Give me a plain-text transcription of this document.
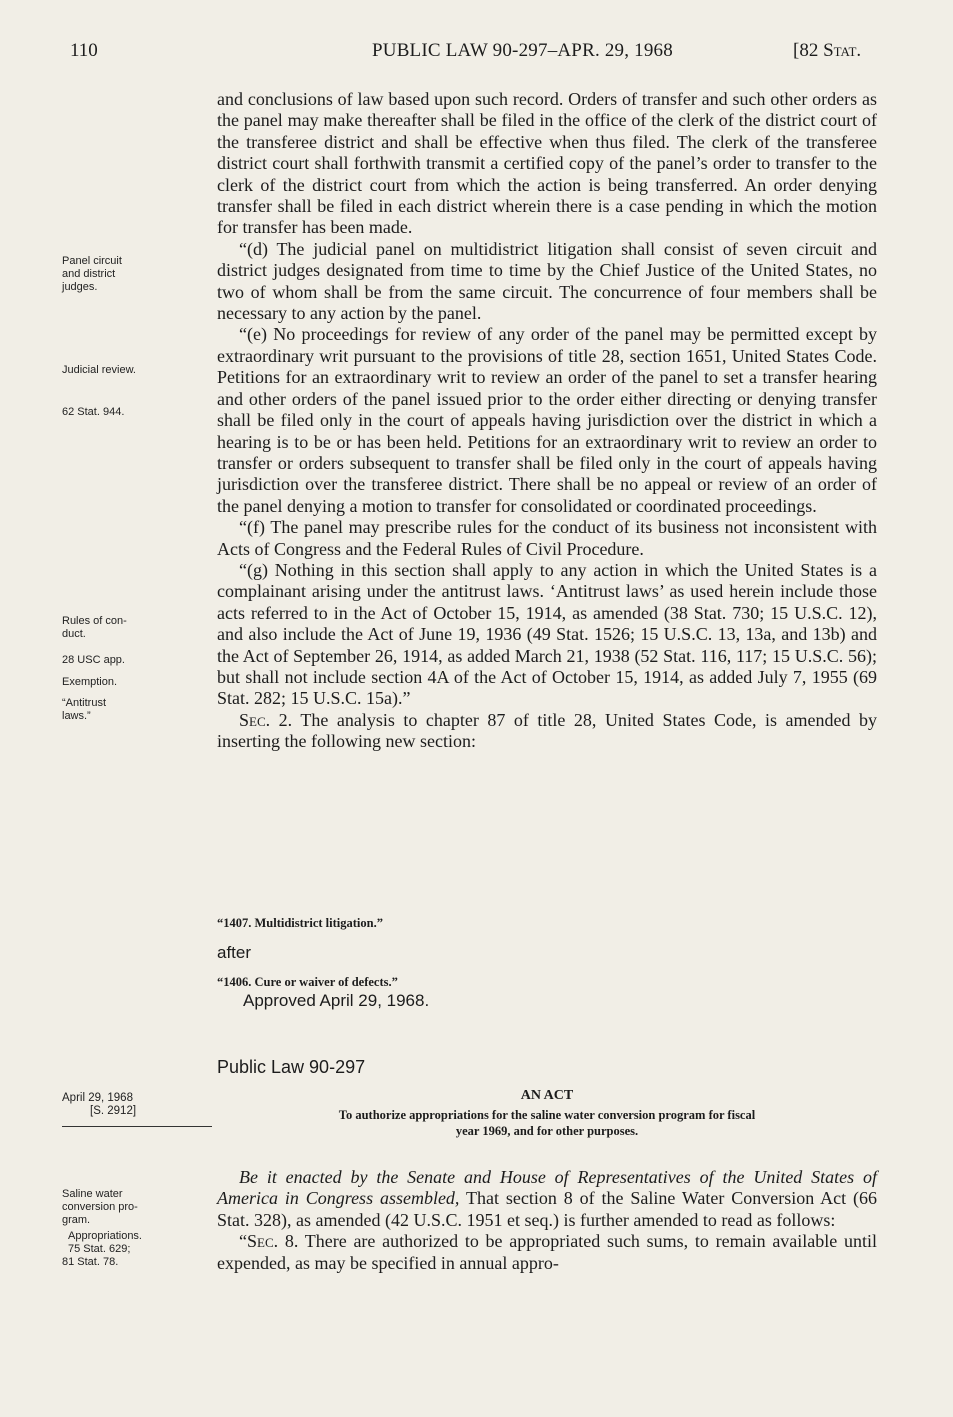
110	PUBLIC LAW 90-297–APR. 29, 1968	[82 Stat.
Panel circuit
and district
judges.
Judicial review.
62 Stat. 944.
Rules of con-
duct.
28 USC app.
Exemption.
“Antitrust
laws.”
April 29, 1968
[S. 2912]
Saline water
conversion pro-
gram.
Appropriations.
75 Stat. 629;
81 Stat. 78.

and conclusions of law based upon such record. Orders of transfer and such other orders as the panel may make thereafter shall be filed in the office of the clerk of the district court of the transferee district and shall be effective when thus filed. The clerk of the transferee district court shall forthwith transmit a certified copy of the panel’s order to transfer to the clerk of the district court from which the action is being transferred. An order denying transfer shall be filed in each district wherein there is a case pending in which the motion for transfer has been made.

“(d) The judicial panel on multidistrict litigation shall consist of seven circuit and district judges designated from time to time by the Chief Justice of the United States, no two of whom shall be from the same circuit. The concurrence of four members shall be necessary to any action by the panel.

“(e) No proceedings for review of any order of the panel may be permitted except by extraordinary writ pursuant to the provisions of title 28, section 1651, United States Code. Petitions for an extraordinary writ to review an order of the panel to set a transfer hearing and other orders of the panel issued prior to the order either directing or denying transfer shall be filed only in the court of appeals having jurisdiction over the district in which a hearing is to be or has been held. Petitions for an extraordinary writ to review an order to transfer or orders subsequent to transfer shall be filed only in the court of appeals having jurisdiction over the transferee district. There shall be no appeal or review of an order of the panel denying a motion to transfer for consolidated or coordinated proceedings.

“(f) The panel may prescribe rules for the conduct of its business not inconsistent with Acts of Congress and the Federal Rules of Civil Procedure.

“(g) Nothing in this section shall apply to any action in which the United States is a complainant arising under the antitrust laws. ‘Antitrust laws’ as used herein include those acts referred to in the Act of October 15, 1914, as amended (38 Stat. 730; 15 U.S.C. 12), and also include the Act of June 19, 1936 (49 Stat. 1526; 15 U.S.C. 13, 13a, and 13b) and the Act of September 26, 1914, as added March 21, 1938 (52 Stat. 116, 117; 15 U.S.C. 56); but shall not include section 4A of the Act of October 15, 1914, as added July 7, 1955 (69 Stat. 282; 15 U.S.C. 15a).”

Sec. 2. The analysis to chapter 87 of title 28, United States Code, is amended by inserting the following new section:

“1407. Multidistrict litigation.”
after
“1406. Cure or waiver of defects.”
Approved April 29, 1968.
Public Law 90-297
AN ACT
To authorize appropriations for the saline water conversion program for fiscal
year 1969, and for other purposes.

Be it enacted by the Senate and House of Representatives of the United States of America in Congress assembled, That section 8 of the Saline Water Conversion Act (66 Stat. 328), as amended (42 U.S.C. 1951 et seq.) is further amended to read as follows:

“Sec. 8. There are authorized to be appropriated such sums, to remain available until expended, as may be specified in annual appro-
